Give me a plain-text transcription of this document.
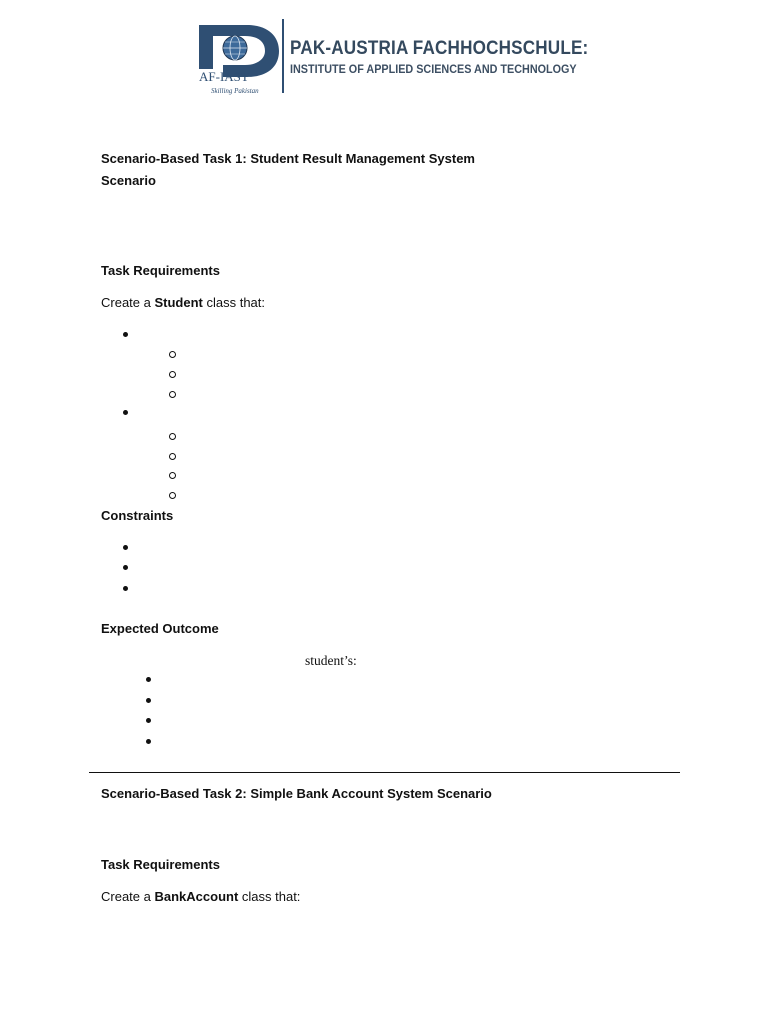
AF-IAST
Skilling Pakistan
PAK-AUSTRIA FACHHOCHSCHULE:
INSTITUTE OF APPLIED SCIENCES AND TECHNOLOGY
Scenario-Based Task 1: Student Result Management System
Scenario
Task Requirements
Create a Student class that:
Constraints
Expected Outcome
student’s:
Scenario-Based Task 2: Simple Bank Account System Scenario
Task Requirements
Create a BankAccount class that:
